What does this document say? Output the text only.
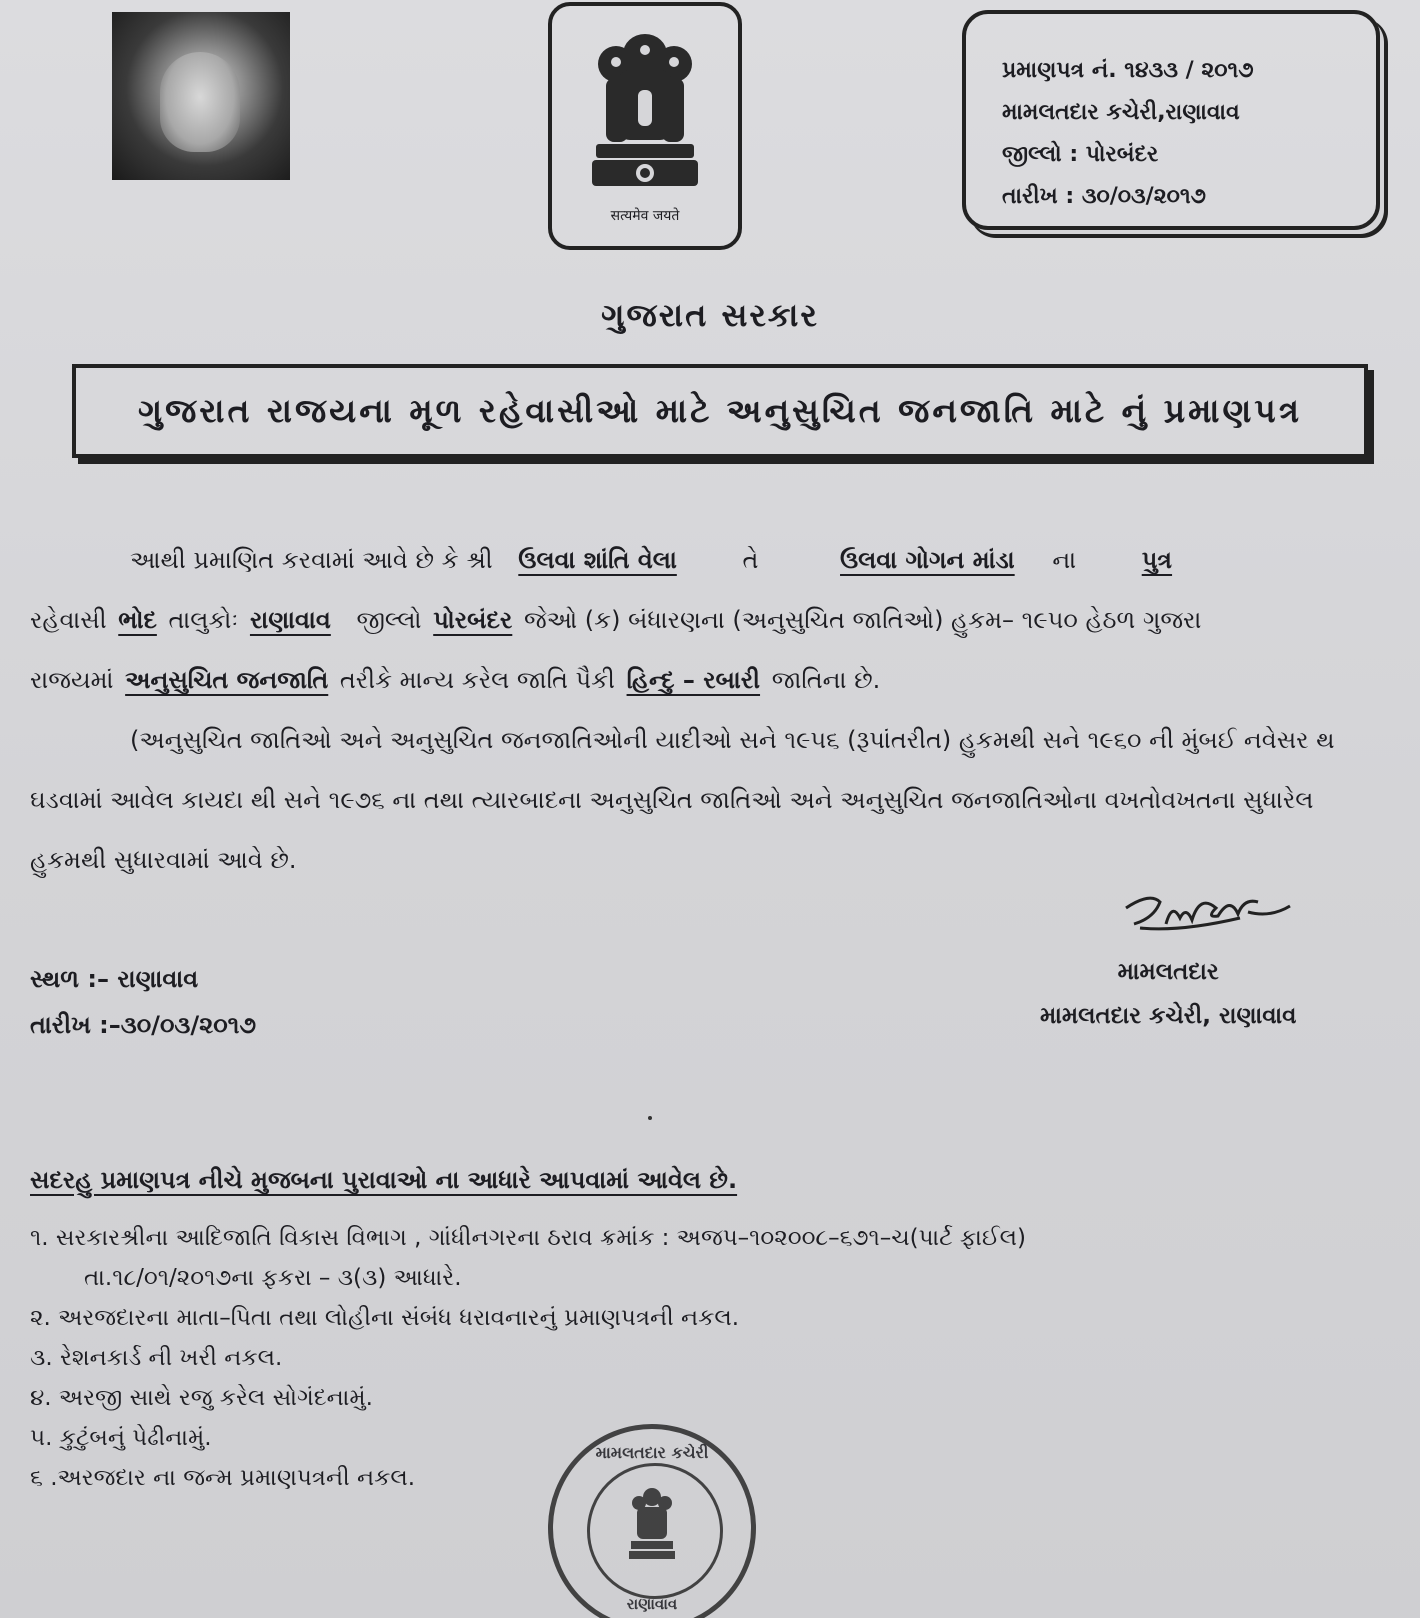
सत्यमेव जयते
પ્રમાણપત્ર નં. ૧૪૩૩ / ૨૦૧૭
મામલતદાર કચેરી,રાણાવાવ
જીલ્લો : પોરબંદર
તારીખ : ૩૦/૦૩/૨૦૧૭
ગુજરાત સરકાર
ગુજરાત રાજયના મૂળ રહેવાસીઓ માટે અનુસુચિત જનજાતિ માટે નું પ્રમાણપત્ર
આથી પ્રમાણિત કરવામાં આવે છે કે શ્રી ઉલવા શાંતિ વેલા	તે	ઉલવા ગોગન માંડા ના	પુત્ર
રહેવાસી ભોદ તાલુકોઃ રાણાવાવ જીલ્લો પોરબંદર જેઓ (ક) બંધારણના (અનુસુચિત જાતિઓ) હુકમ– ૧૯૫૦ હેઠળ ગુજરા
રાજયમાં અનુસુચિત જનજાતિ તરીકે માન્ય કરેલ જાતિ પૈકી હિન્દુ – રબારી જાતિના છે.
(અનુસુચિત જાતિઓ અને અનુસુચિત જનજાતિઓની યાદીઓ સને ૧૯૫૬ (રૂપાંતરીત) હુકમથી સને ૧૯૬૦ ની મુંબઈ નવેસર થ
ઘડવામાં આવેલ કાયદા થી સને ૧૯૭૬ ના તથા ત્યારબાદના અનુસુચિત જાતિઓ અને અનુસુચિત જનજાતિઓના વખતોવખતના સુધારેલ
હુકમથી સુધારવામાં આવે છે.
મામલતદાર
મામલતદાર કચેરી, રાણાવાવ
સ્થળ :– રાણાવાવ
તારીખ :–૩૦/૦૩/૨૦૧૭
સદરહુ પ્રમાણપત્ર નીચે મુજબના પુરાવાઓ ના આધારે આપવામાં આવેલ છે.
૧. સરકારશ્રીના આદિજાતિ વિકાસ વિભાગ , ગાંધીનગરના ઠરાવ ક્રમાંક : અજપ–૧૦૨૦૦૮–૬૭૧–ચ(પાર્ટ ફાઈલ)
તા.૧૮/૦૧/૨૦૧૭ના ફકરા – ૩(૩) આધારે.
૨. અરજદારના માતા–પિતા તથા લોહીના સંબંધ ધરાવનારનું પ્રમાણપત્રની નકલ.
૩. રેશનકાર્ડ ની ખરી નકલ.
૪. અરજી સાથે રજુ કરેલ સોગંદનામું.
૫. કુટુંબનું પેઢીનામું.
૬ .અરજદાર ના જન્મ પ્રમાણપત્રની નકલ.
મામલતદાર કચેરી
રાણાવાવ
